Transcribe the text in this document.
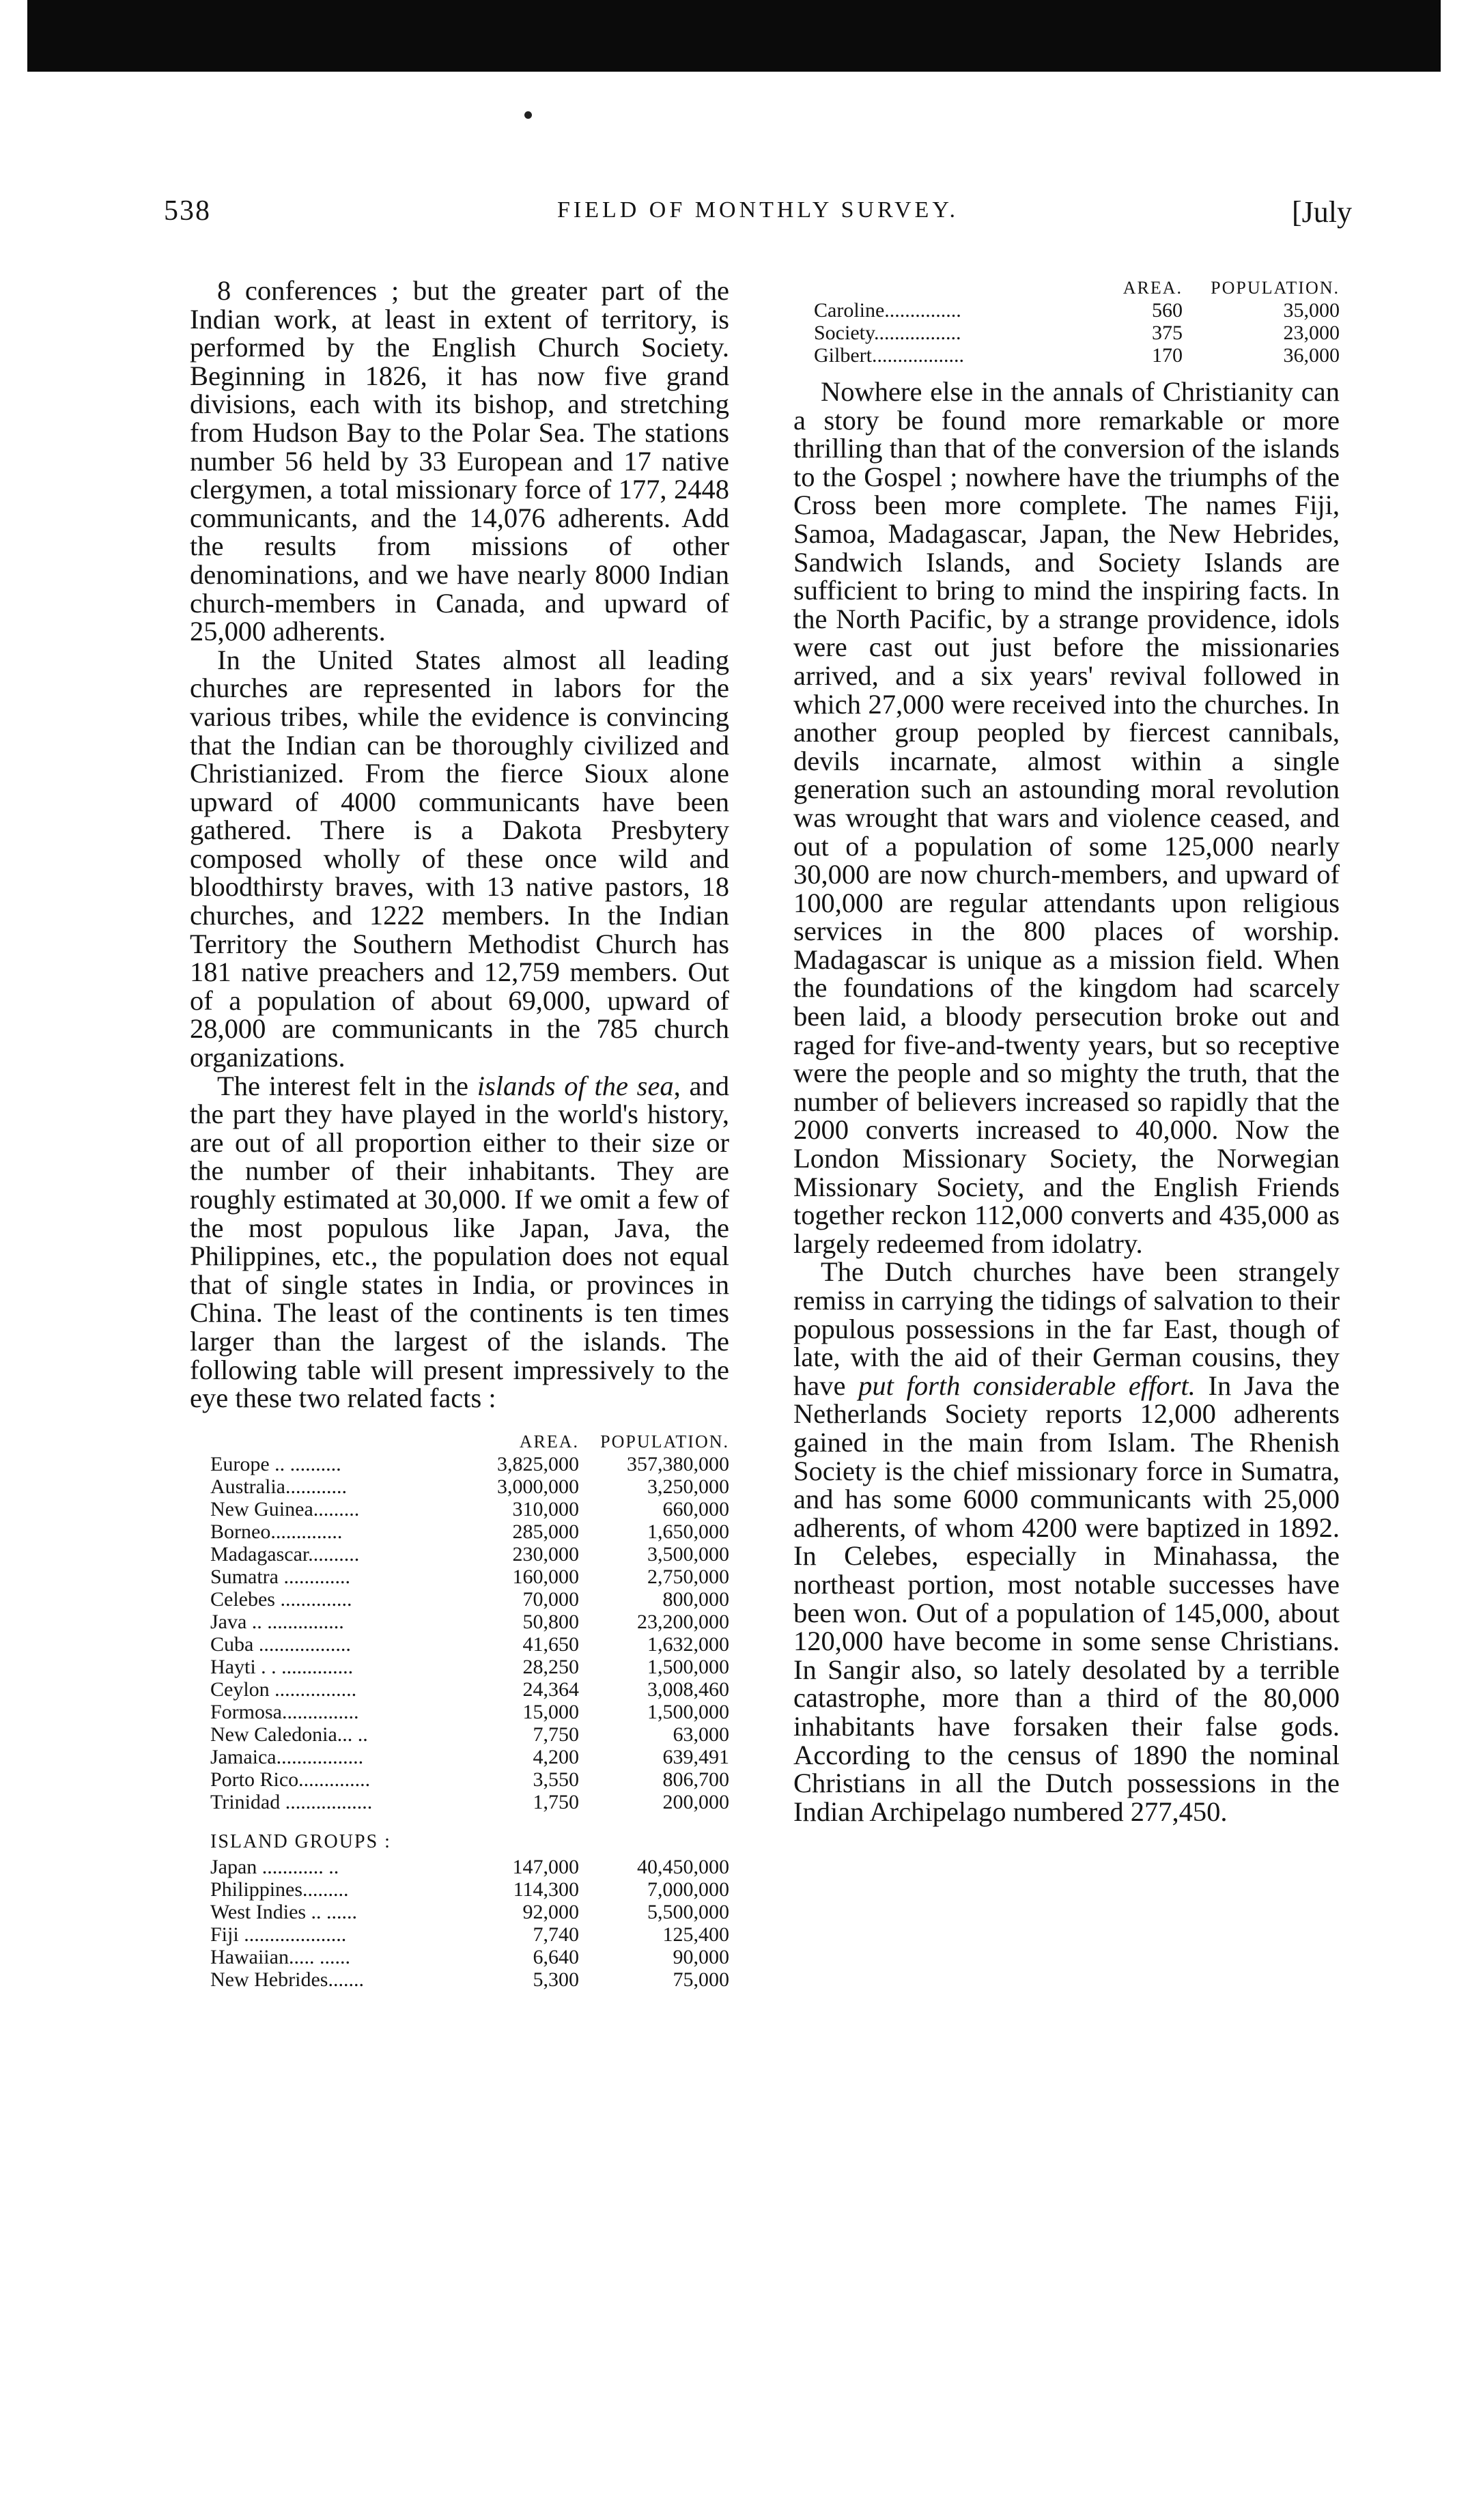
538	FIELD OF MONTHLY SURVEY.	[July

8 conferences ; but the greater part of the Indian work, at least in extent of territory, is performed by the English Church Society. Beginning in 1826, it has now five grand divisions, each with its bishop, and stretching from Hudson Bay to the Polar Sea. The stations number 56 held by 33 European and 17 native clergymen, a total missionary force of 177, 2448 communicants, and the 14,076 adherents. Add the results from missions of other denominations, and we have nearly 8000 Indian church-members in Canada, and upward of 25,000 adherents.

In the United States almost all leading churches are represented in labors for the various tribes, while the evidence is convincing that the Indian can be thoroughly civilized and Christianized. From the fierce Sioux alone upward of 4000 communicants have been gathered. There is a Dakota Presbytery composed wholly of these once wild and bloodthirsty braves, with 13 native pastors, 18 churches, and 1222 members. In the Indian Territory the Southern Methodist Church has 181 native preachers and 12,759 members. Out of a population of about 69,000, upward of 28,000 are communicants in the 785 church organizations.

The interest felt in the islands of the sea, and the part they have played in the world's history, are out of all proportion either to their size or the number of their inhabitants. They are roughly estimated at 30,000. If we omit a few of the most populous like Japan, Java, the Philippines, etc., the population does not equal that of single states in India, or provinces in China. The least of the continents is ten times larger than the largest of the islands. The following table will present impressively to the eye these two related facts :

	AREA.	POPULATION.
Europe .. ..........	3,825,000	357,380,000
Australia............	3,000,000	3,250,000
New Guinea.........	310,000	660,000
Borneo..............	285,000	1,650,000
Madagascar..........	230,000	3,500,000
Sumatra .............	160,000	2,750,000
Celebes ..............	70,000	800,000
Java .. ...............	50,800	23,200,000
Cuba ..................	41,650	1,632,000
Hayti . . ..............	28,250	1,500,000
Ceylon ................	24,364	3,008,460
Formosa...............	15,000	1,500,000
New Caledonia... ..	7,750	63,000
Jamaica.................	4,200	639,491
Porto Rico..............	3,550	806,700
Trinidad .................	1,750	200,000
ISLAND GROUPS :		
Japan ............ ..	147,000	40,450,000
Philippines.........	114,300	7,000,000
West Indies .. ......	92,000	5,500,000
Fiji ....................	7,740	125,400
Hawaiian..... ......	6,640	90,000
New Hebrides.......	5,300	75,000
	AREA.	POPULATION.
Caroline...............	560	35,000
Society.................	375	23,000
Gilbert..................	170	36,000

Nowhere else in the annals of Christianity can a story be found more remarkable or more thrilling than that of the conversion of the islands to the Gospel ; nowhere have the triumphs of the Cross been more complete. The names Fiji, Samoa, Madagascar, Japan, the New Hebrides, Sandwich Islands, and Society Islands are sufficient to bring to mind the inspiring facts. In the North Pacific, by a strange providence, idols were cast out just before the missionaries arrived, and a six years' revival followed in which 27,000 were received into the churches. In another group peopled by fiercest cannibals, devils incarnate, almost within a single generation such an astounding moral revolution was wrought that wars and violence ceased, and out of a population of some 125,000 nearly 30,000 are now church-members, and upward of 100,000 are regular attendants upon religious services in the 800 places of worship. Madagascar is unique as a mission field. When the foundations of the kingdom had scarcely been laid, a bloody persecution broke out and raged for five-and-twenty years, but so receptive were the people and so mighty the truth, that the number of believers increased so rapidly that the 2000 converts increased to 40,000. Now the London Missionary Society, the Norwegian Missionary Society, and the English Friends together reckon 112,000 converts and 435,000 as largely redeemed from idolatry.

The Dutch churches have been strangely remiss in carrying the tidings of salvation to their populous possessions in the far East, though of late, with the aid of their German cousins, they have put forth considerable effort. In Java the Netherlands Society reports 12,000 adherents gained in the main from Islam. The Rhenish Society is the chief missionary force in Sumatra, and has some 6000 communicants with 25,000 adherents, of whom 4200 were baptized in 1892. In Celebes, especially in Minahassa, the northeast portion, most notable successes have been won. Out of a population of 145,000, about 120,000 have become in some sense Christians. In Sangir also, so lately desolated by a terrible catastrophe, more than a third of the 80,000 inhabitants have forsaken their false gods. According to the census of 1890 the nominal Christians in all the Dutch possessions in the Indian Archipelago numbered 277,450.
